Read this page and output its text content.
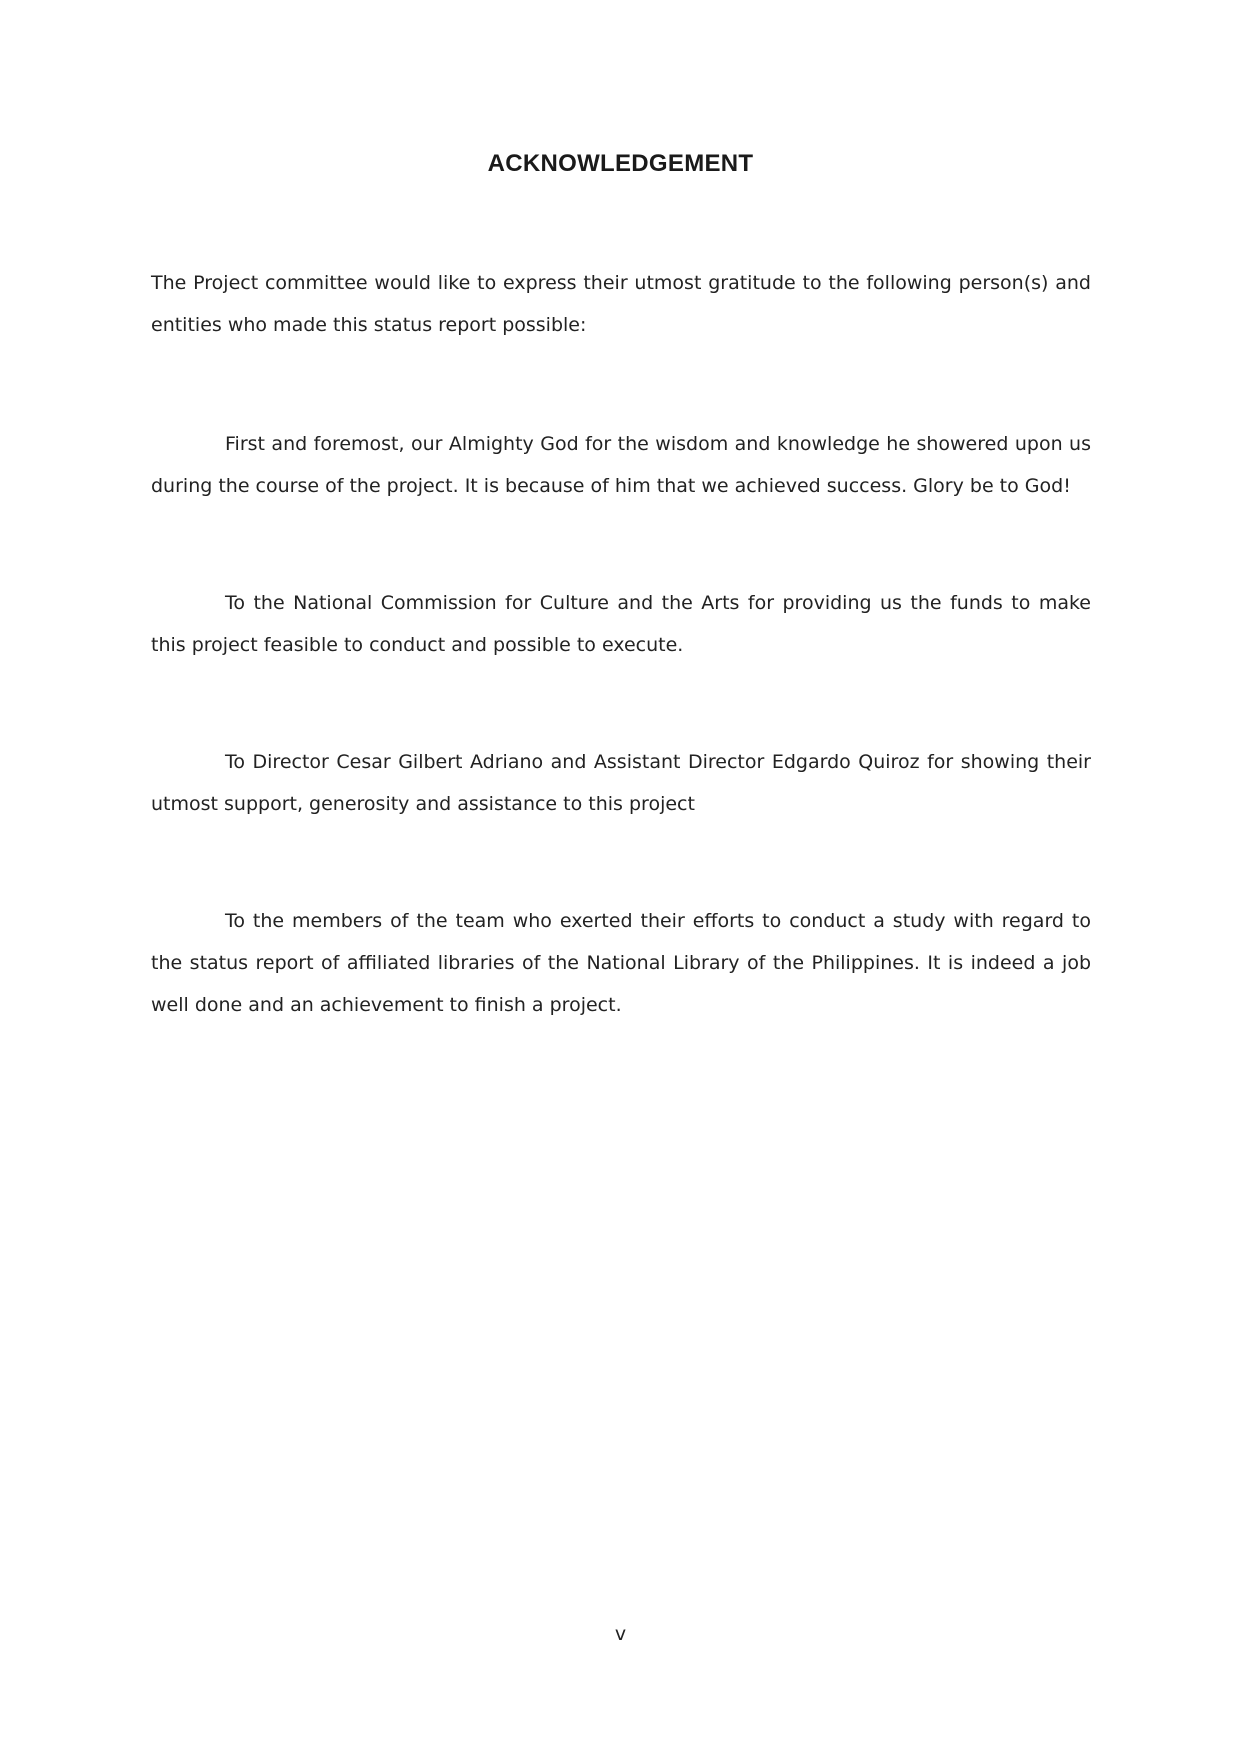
ACKNOWLEDGEMENT

The Project committee would like to express their utmost gratitude to the following person(s) and entities who made this status report possible:

First and foremost, our Almighty God for the wisdom and knowledge he showered upon us during the course of the project. It is because of him that we achieved success. Glory be to God!

To the National Commission for Culture and the Arts for providing us the funds to make this project feasible to conduct and possible to execute.

To Director Cesar Gilbert Adriano and Assistant Director Edgardo Quiroz for showing their utmost support, generosity and assistance to this project

To the members of the team who exerted their efforts to conduct a study with regard to the status report of affiliated libraries of the National Library of the Philippines. It is indeed a job well done and an achievement to finish a project.

v
